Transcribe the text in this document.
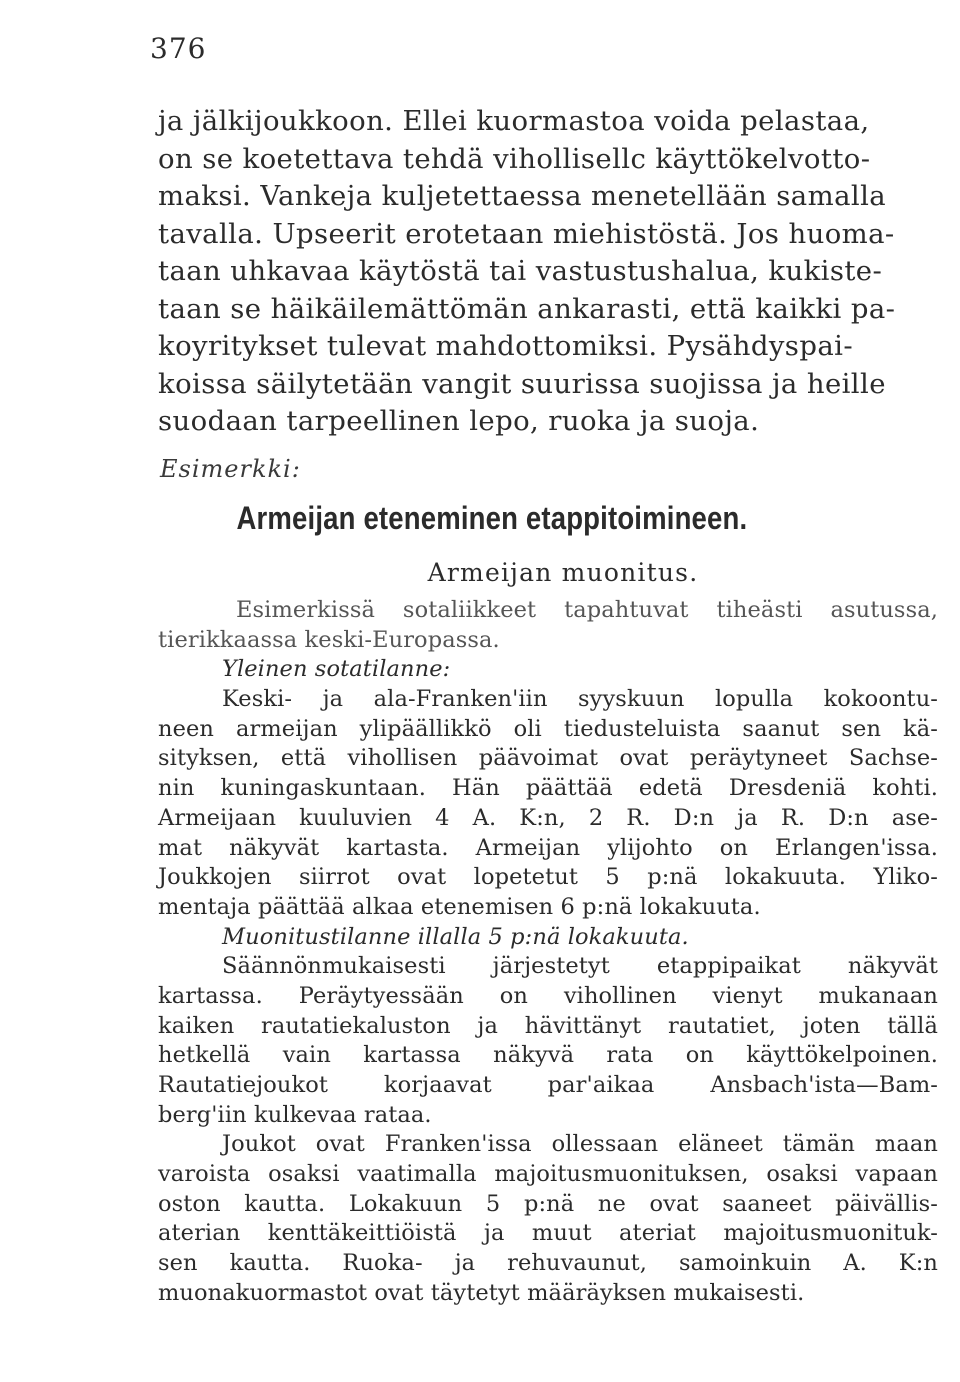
376
ja jälkijoukkoon. Ellei kuormastoa voida pelastaa,
on se koetettava tehdä vihollisellc käyttökelvotto-
maksi. Vankeja kuljetettaessa menetellään samalla
tavalla. Upseerit erotetaan miehistöstä. Jos huoma-
taan uhkavaa käytöstä tai vastustushalua, kukiste-
taan se häikäilemättömän ankarasti, että kaikki pa-
koyritykset tulevat mahdottomiksi. Pysähdyspai-
koissa säilytetään vangit suurissa suojissa ja heille
suodaan tarpeellinen lepo, ruoka ja suoja.
Esimerkki:
Armeijan eteneminen etappitoimineen.
Armeijan muonitus.
Esimerkissä sotaliikkeet tapahtuvat tiheästi asutussa,
tierikkaassa keski-Europassa.
Yleinen sotatilanne:
Keski- ja ala-Franken'iin syyskuun lopulla kokoontu-
neen armeijan ylipäällikkö oli tiedusteluista saanut sen kä-
sityksen, että vihollisen päävoimat ovat peräytyneet Sachse-
nin kuningaskuntaan. Hän päättää edetä Dresdeniä kohti.
Armeijaan kuuluvien 4 A. K:n, 2 R. D:n ja R. D:n ase-
mat näkyvät kartasta. Armeijan ylijohto on Erlangen'issa.
Joukkojen siirrot ovat lopetetut 5 p:nä lokakuuta. Yliko-
mentaja päättää alkaa etenemisen 6 p:nä lokakuuta.
Muonitustilanne illalla 5 p:nä lokakuuta.
Säännönmukaisesti järjestetyt etappipaikat näkyvät
kartassa. Peräytyessään on vihollinen vienyt mukanaan
kaiken rautatiekaluston ja hävittänyt rautatiet, joten tällä
hetkellä vain kartassa näkyvä rata on käyttökelpoinen.
Rautatiejoukot korjaavat par'aikaa Ansbach'ista—Bam-
berg'iin kulkevaa rataa.
Joukot ovat Franken'issa ollessaan eläneet tämän maan
varoista osaksi vaatimalla majoitusmuonituksen, osaksi vapaan
oston kautta. Lokakuun 5 p:nä ne ovat saaneet päivällis-
aterian kenttäkeittiöistä ja muut ateriat majoitusmuonituk-
sen kautta. Ruoka- ja rehuvaunut, samoinkuin A. K:n
muonakuormastot ovat täytetyt määräyksen mukaisesti.
